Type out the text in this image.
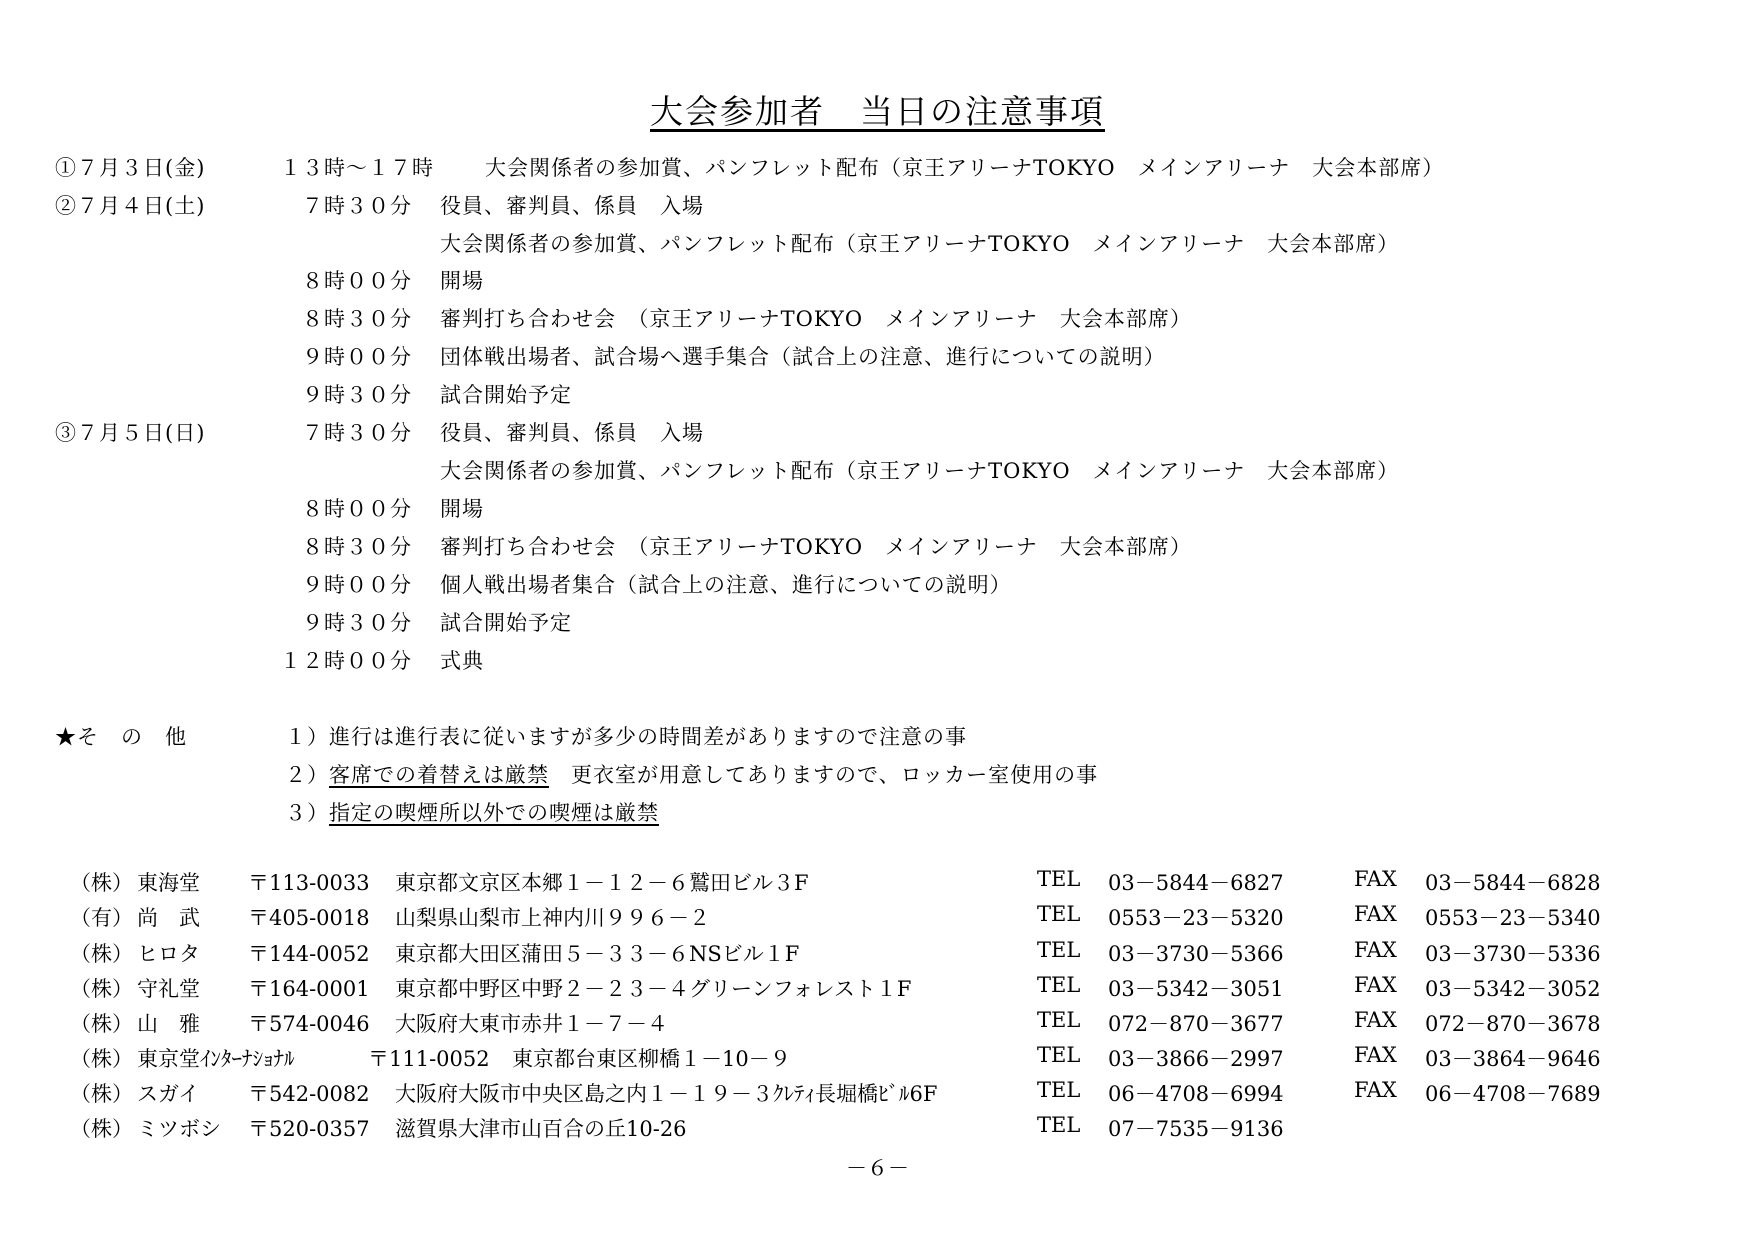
大会参加者　当日の注意事項
①７月３日(金)	１３時～１７時	大会関係者の参加賞、パンフレット配布（京王アリーナTOKYO　メインアリーナ　大会本部席）
②７月４日(土)	７時３０分 役員、審判員、係員　入場
大会関係者の参加賞、パンフレット配布（京王アリーナTOKYO　メインアリーナ　大会本部席）
８時００分 開場
８時３０分 審判打ち合わせ会　（京王アリーナTOKYO　メインアリーナ　大会本部席）
９時００分 団体戦出場者、試合場へ選手集合（試合上の注意、進行についての説明）
９時３０分 試合開始予定
③７月５日(日)	７時３０分 役員、審判員、係員　入場
大会関係者の参加賞、パンフレット配布（京王アリーナTOKYO　メインアリーナ　大会本部席）
８時００分 開場
８時３０分 審判打ち合わせ会　（京王アリーナTOKYO　メインアリーナ　大会本部席）
９時００分 個人戦出場者集合（試合上の注意、進行についての説明）
９時３０分 試合開始予定
１２時００分 式典
★そ　の　他	１）進行は進行表に従いますが多少の時間差がありますので注意の事
２）客席での着替えは厳禁　更衣室が用意してありますので、ロッカー室使用の事
３）指定の喫煙所以外での喫煙は厳禁
（株） 東海堂 〒113-0033 東京都文京区本郷１－１２－６鷲田ビル３F	TEL 03－5844－6827	FAX 03－5844－6828
（有） 尚　武 〒405-0018 山梨県山梨市上神内川９９６－２	TEL 0553－23－5320	FAX 0553－23－5340
（株） ヒロタ 〒144-0052 東京都大田区蒲田５－３３－６NSビル１F	TEL 03－3730－5366	FAX 03－3730－5336
（株） 守礼堂 〒164-0001 東京都中野区中野２－２３－４グリーンフォレスト１F	TEL 03－5342－3051	FAX 03－5342－3052
（株） 山　雅 〒574-0046 大阪府大東市赤井１－７－４	TEL 072－870－3677	FAX 072－870－3678
（株） 東京堂ｲﾝﾀｰﾅｼｮﾅﾙ	〒111-0052 東京都台東区柳橋１－10－９	TEL 03－3866－2997	FAX 03－3864－9646
（株） スガイ 〒542-0082 大阪府大阪市中央区島之内１－１９－３ｸﾚﾃｨ長堀橋ﾋﾞﾙ6F	TEL 06－4708－6994	FAX 06－4708－7689
（株） ミツボシ 〒520-0357 滋賀県大津市山百合の丘10-26	TEL 07－7535－9136
－６－
